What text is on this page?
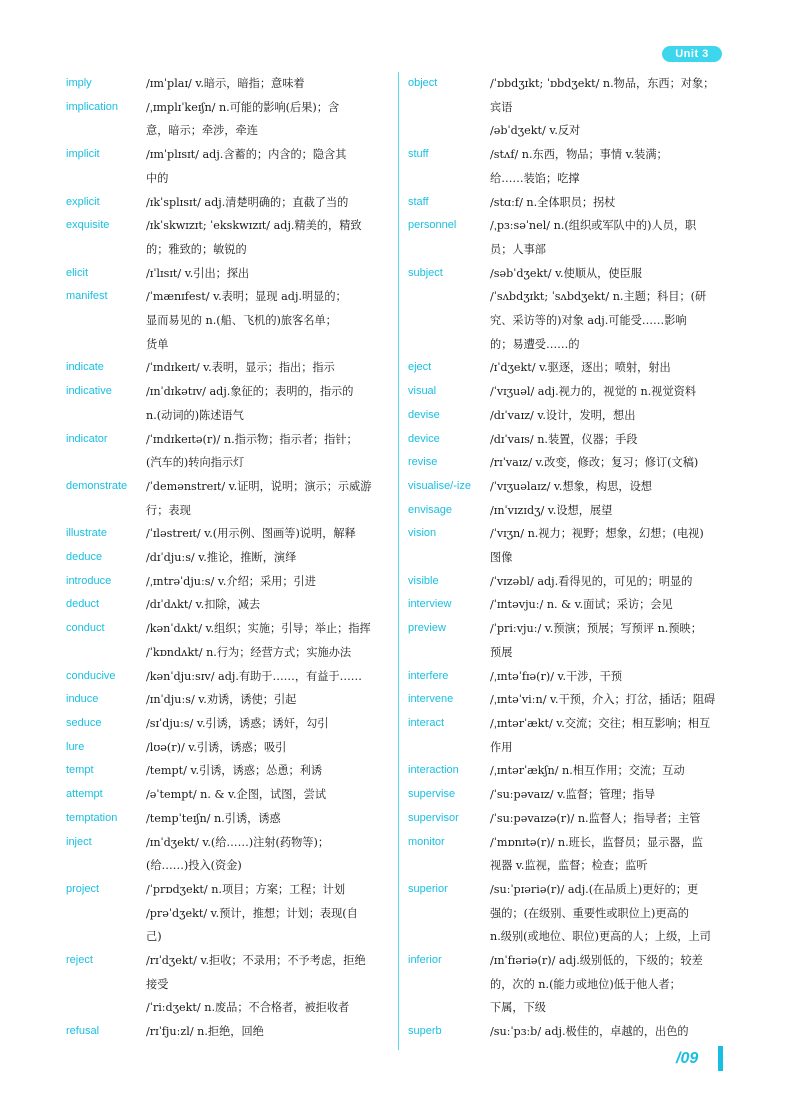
Unit 3
imply	/ɪmˈplaɪ/ v.暗示，暗指；意味着
implication	/ˌɪmplɪˈkeɪʃn/ n.可能的影响(后果)；含
意，暗示；牵涉，牵连
implicit	/ɪmˈplɪsɪt/ adj.含蓄的；内含的；隐含其
中的
explicit	/ɪkˈsplɪsɪt/ adj.清楚明确的；直截了当的
exquisite	/ɪkˈskwɪzɪt; ˈekskwɪzɪt/ adj.精美的，精致
的；雅致的；敏锐的
elicit	/ɪˈlɪsɪt/ v.引出；探出
manifest	/ˈmænɪfest/ v.表明；显现 adj.明显的；
显而易见的 n.(船、飞机的)旅客名单；
货单
indicate	/ˈɪndɪkeɪt/ v.表明，显示；指出；指示
indicative	/ɪnˈdɪkətɪv/ adj.象征的；表明的，指示的
n.(动词的)陈述语气
indicator	/ˈɪndɪkeɪtə(r)/ n.指示物；指示者；指针；
(汽车的)转向指示灯
demonstrate	/ˈdemənstreɪt/ v.证明，说明；演示；示威游
行；表现
illustrate	/ˈɪləstreɪt/ v.(用示例、图画等)说明，解释
deduce	/dɪˈdjuːs/ v.推论，推断，演绎
introduce	/ˌɪntrəˈdjuːs/ v.介绍；采用；引进
deduct	/dɪˈdʌkt/ v.扣除，减去
conduct	/kənˈdʌkt/ v.组织；实施；引导；举止；指挥
/ˈkɒndʌkt/ n.行为；经营方式；实施办法
conducive	/kənˈdjuːsɪv/ adj.有助于……，有益于……
induce	/ɪnˈdjuːs/ v.劝诱，诱使；引起
seduce	/sɪˈdjuːs/ v.引诱，诱惑；诱奸，勾引
lure	/lʊə(r)/ v.引诱，诱惑；吸引
tempt	/tempt/ v.引诱，诱惑；怂恿；利诱
attempt	/əˈtempt/ n. & v.企图，试图，尝试
temptation	/tempˈteɪʃn/ n.引诱，诱惑
inject	/ɪnˈdʒekt/ v.(给……)注射(药物等)；
(给……)投入(资金)
project	/ˈprɒdʒekt/ n.项目；方案；工程；计划
/prəˈdʒekt/ v.预计，推想；计划；表现(自
己)
reject	/rɪˈdʒekt/ v.拒收；不录用；不予考虑，拒绝
接受
/ˈriːdʒekt/ n.废品；不合格者，被拒收者
refusal	/rɪˈfjuːzl/ n.拒绝，回绝
object	/ˈɒbdʒɪkt; ˈɒbdʒekt/ n.物品，东西；对象；
宾语
/əbˈdʒekt/ v.反对
stuff	/stʌf/ n.东西，物品；事情 v.装满；
给……装馅；吃撑
staff	/stɑːf/ n.全体职员；拐杖
personnel	/ˌpɜːsəˈnel/ n.(组织或军队中的)人员，职
员；人事部
subject	/səbˈdʒekt/ v.使顺从，使臣服
/ˈsʌbdʒɪkt; ˈsʌbdʒekt/ n.主题；科目；(研
究、采访等的)对象 adj.可能受……影响
的；易遭受……的
eject	/ɪˈdʒekt/ v.驱逐，逐出；喷射，射出
visual	/ˈvɪʒuəl/ adj.视力的，视觉的 n.视觉资料
devise	/dɪˈvaɪz/ v.设计，发明，想出
device	/dɪˈvaɪs/ n.装置，仪器；手段
revise	/rɪˈvaɪz/ v.改变，修改；复习；修订(文稿)
visualise/-ize	/ˈvɪʒuəlaɪz/ v.想象，构思，设想
envisage	/ɪnˈvɪzɪdʒ/ v.设想，展望
vision	/ˈvɪʒn/ n.视力；视野；想象，幻想；(电视)
图像
visible	/ˈvɪzəbl/ adj.看得见的，可见的；明显的
interview	/ˈɪntəvjuː/ n. & v.面试；采访；会见
preview	/ˈpriːvjuː/ v.预演；预展；写预评 n.预映；
预展
interfere	/ˌɪntəˈfɪə(r)/ v.干涉，干预
intervene	/ˌɪntəˈviːn/ v.干预，介入；打岔，插话；阻碍
interact	/ˌɪntərˈækt/ v.交流；交往；相互影响；相互
作用
interaction	/ˌɪntərˈækʃn/ n.相互作用；交流；互动
supervise	/ˈsuːpəvaɪz/ v.监督；管理；指导
supervisor	/ˈsuːpəvaɪzə(r)/ n.监督人；指导者；主管
monitor	/ˈmɒnɪtə(r)/ n.班长，监督员；显示器，监
视器 v.监视，监督；检查；监听
superior	/suːˈpɪəriə(r)/ adj.(在品质上)更好的；更
强的；(在级别、重要性或职位上)更高的
n.级别(或地位、职位)更高的人；上级，上司
inferior	/ɪnˈfɪəriə(r)/ adj.级别低的，下级的；较差
的，次的 n.(能力或地位)低于他人者；
下属，下级
superb	/suːˈpɜːb/ adj.极佳的，卓越的，出色的
/09
